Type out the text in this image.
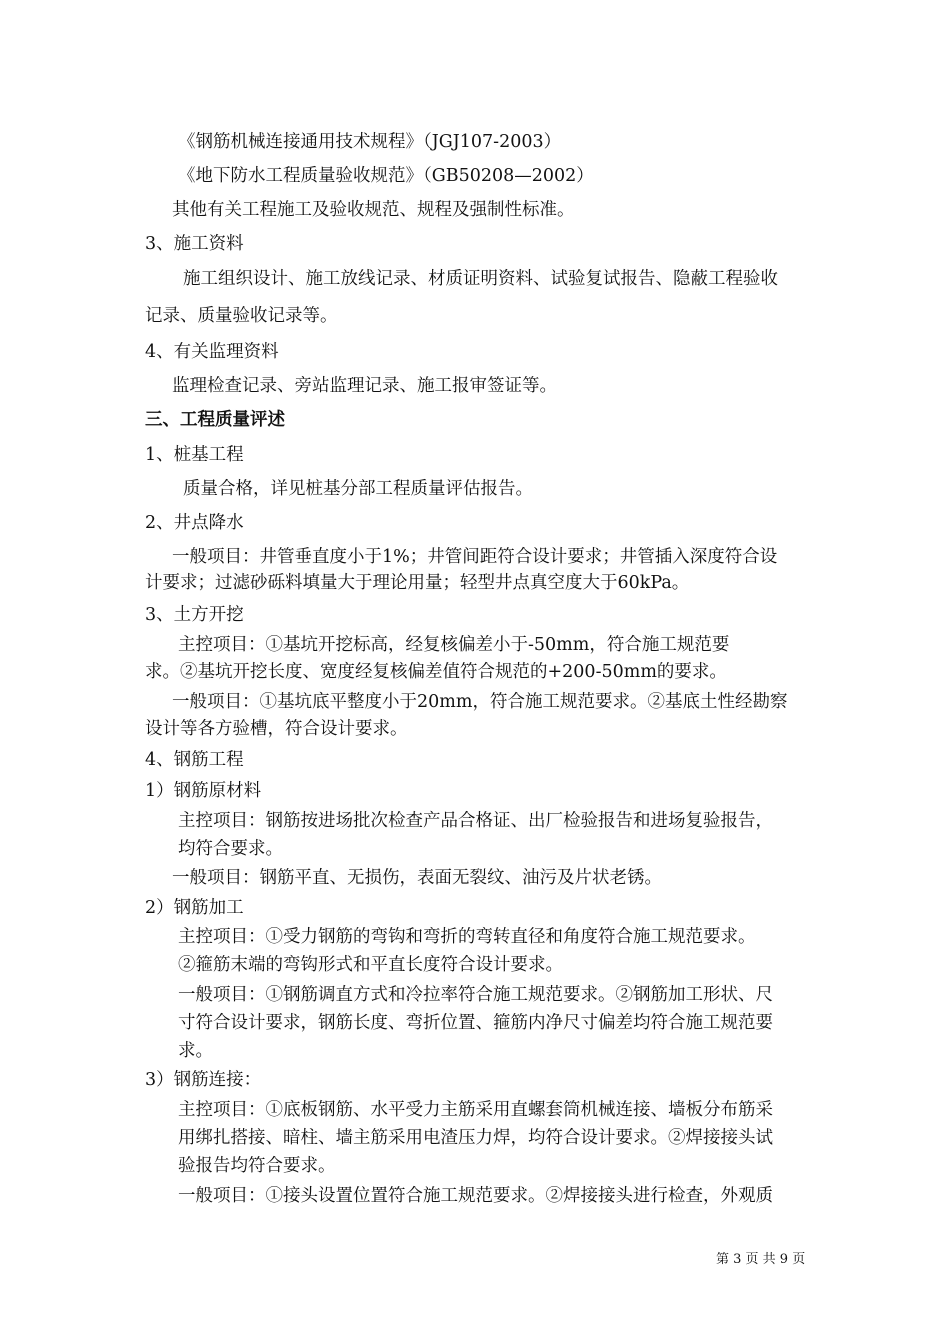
《钢筋机械连接通用技术规程》（JGJ107-2003）
《地下防水工程质量验收规范》（GB50208—2002）
其他有关工程施工及验收规范、规程及强制性标准。
3、施工资料
施工组织设计、施工放线记录、材质证明资料、试验复试报告、隐蔽工程验收
记录、质量验收记录等。
4、有关监理资料
监理检查记录、旁站监理记录、施工报审签证等。
三、工程质量评述
1、桩基工程
质量合格，详见桩基分部工程质量评估报告。
2、井点降水
一般项目：井管垂直度小于1%；井管间距符合设计要求；井管插入深度符合设
计要求；过滤砂砾料填量大于理论用量；轻型井点真空度大于60kPa。
3、土方开挖
主控项目：①基坑开挖标高，经复核偏差小于-50mm，符合施工规范要
求。②基坑开挖长度、宽度经复核偏差值符合规范的+200-50mm的要求。
一般项目：①基坑底平整度小于20mm，符合施工规范要求。②基底土性经勘察
设计等各方验槽，符合设计要求。
4、钢筋工程
1）钢筋原材料
主控项目：钢筋按进场批次检查产品合格证、出厂检验报告和进场复验报告，
均符合要求。
一般项目：钢筋平直、无损伤，表面无裂纹、油污及片状老锈。
2）钢筋加工
主控项目：①受力钢筋的弯钩和弯折的弯转直径和角度符合施工规范要求。
②箍筋末端的弯钩形式和平直长度符合设计要求。
一般项目：①钢筋调直方式和冷拉率符合施工规范要求。②钢筋加工形状、尺
寸符合设计要求，钢筋长度、弯折位置、箍筋内净尺寸偏差均符合施工规范要
求。
3）钢筋连接：
主控项目：①底板钢筋、水平受力主筋采用直螺套筒机械连接、墙板分布筋采
用绑扎搭接、暗柱、墙主筋采用电渣压力焊，均符合设计要求。②焊接接头试
验报告均符合要求。
一般项目：①接头设置位置符合施工规范要求。②焊接接头进行检查，外观质
第 3 页 共 9 页
